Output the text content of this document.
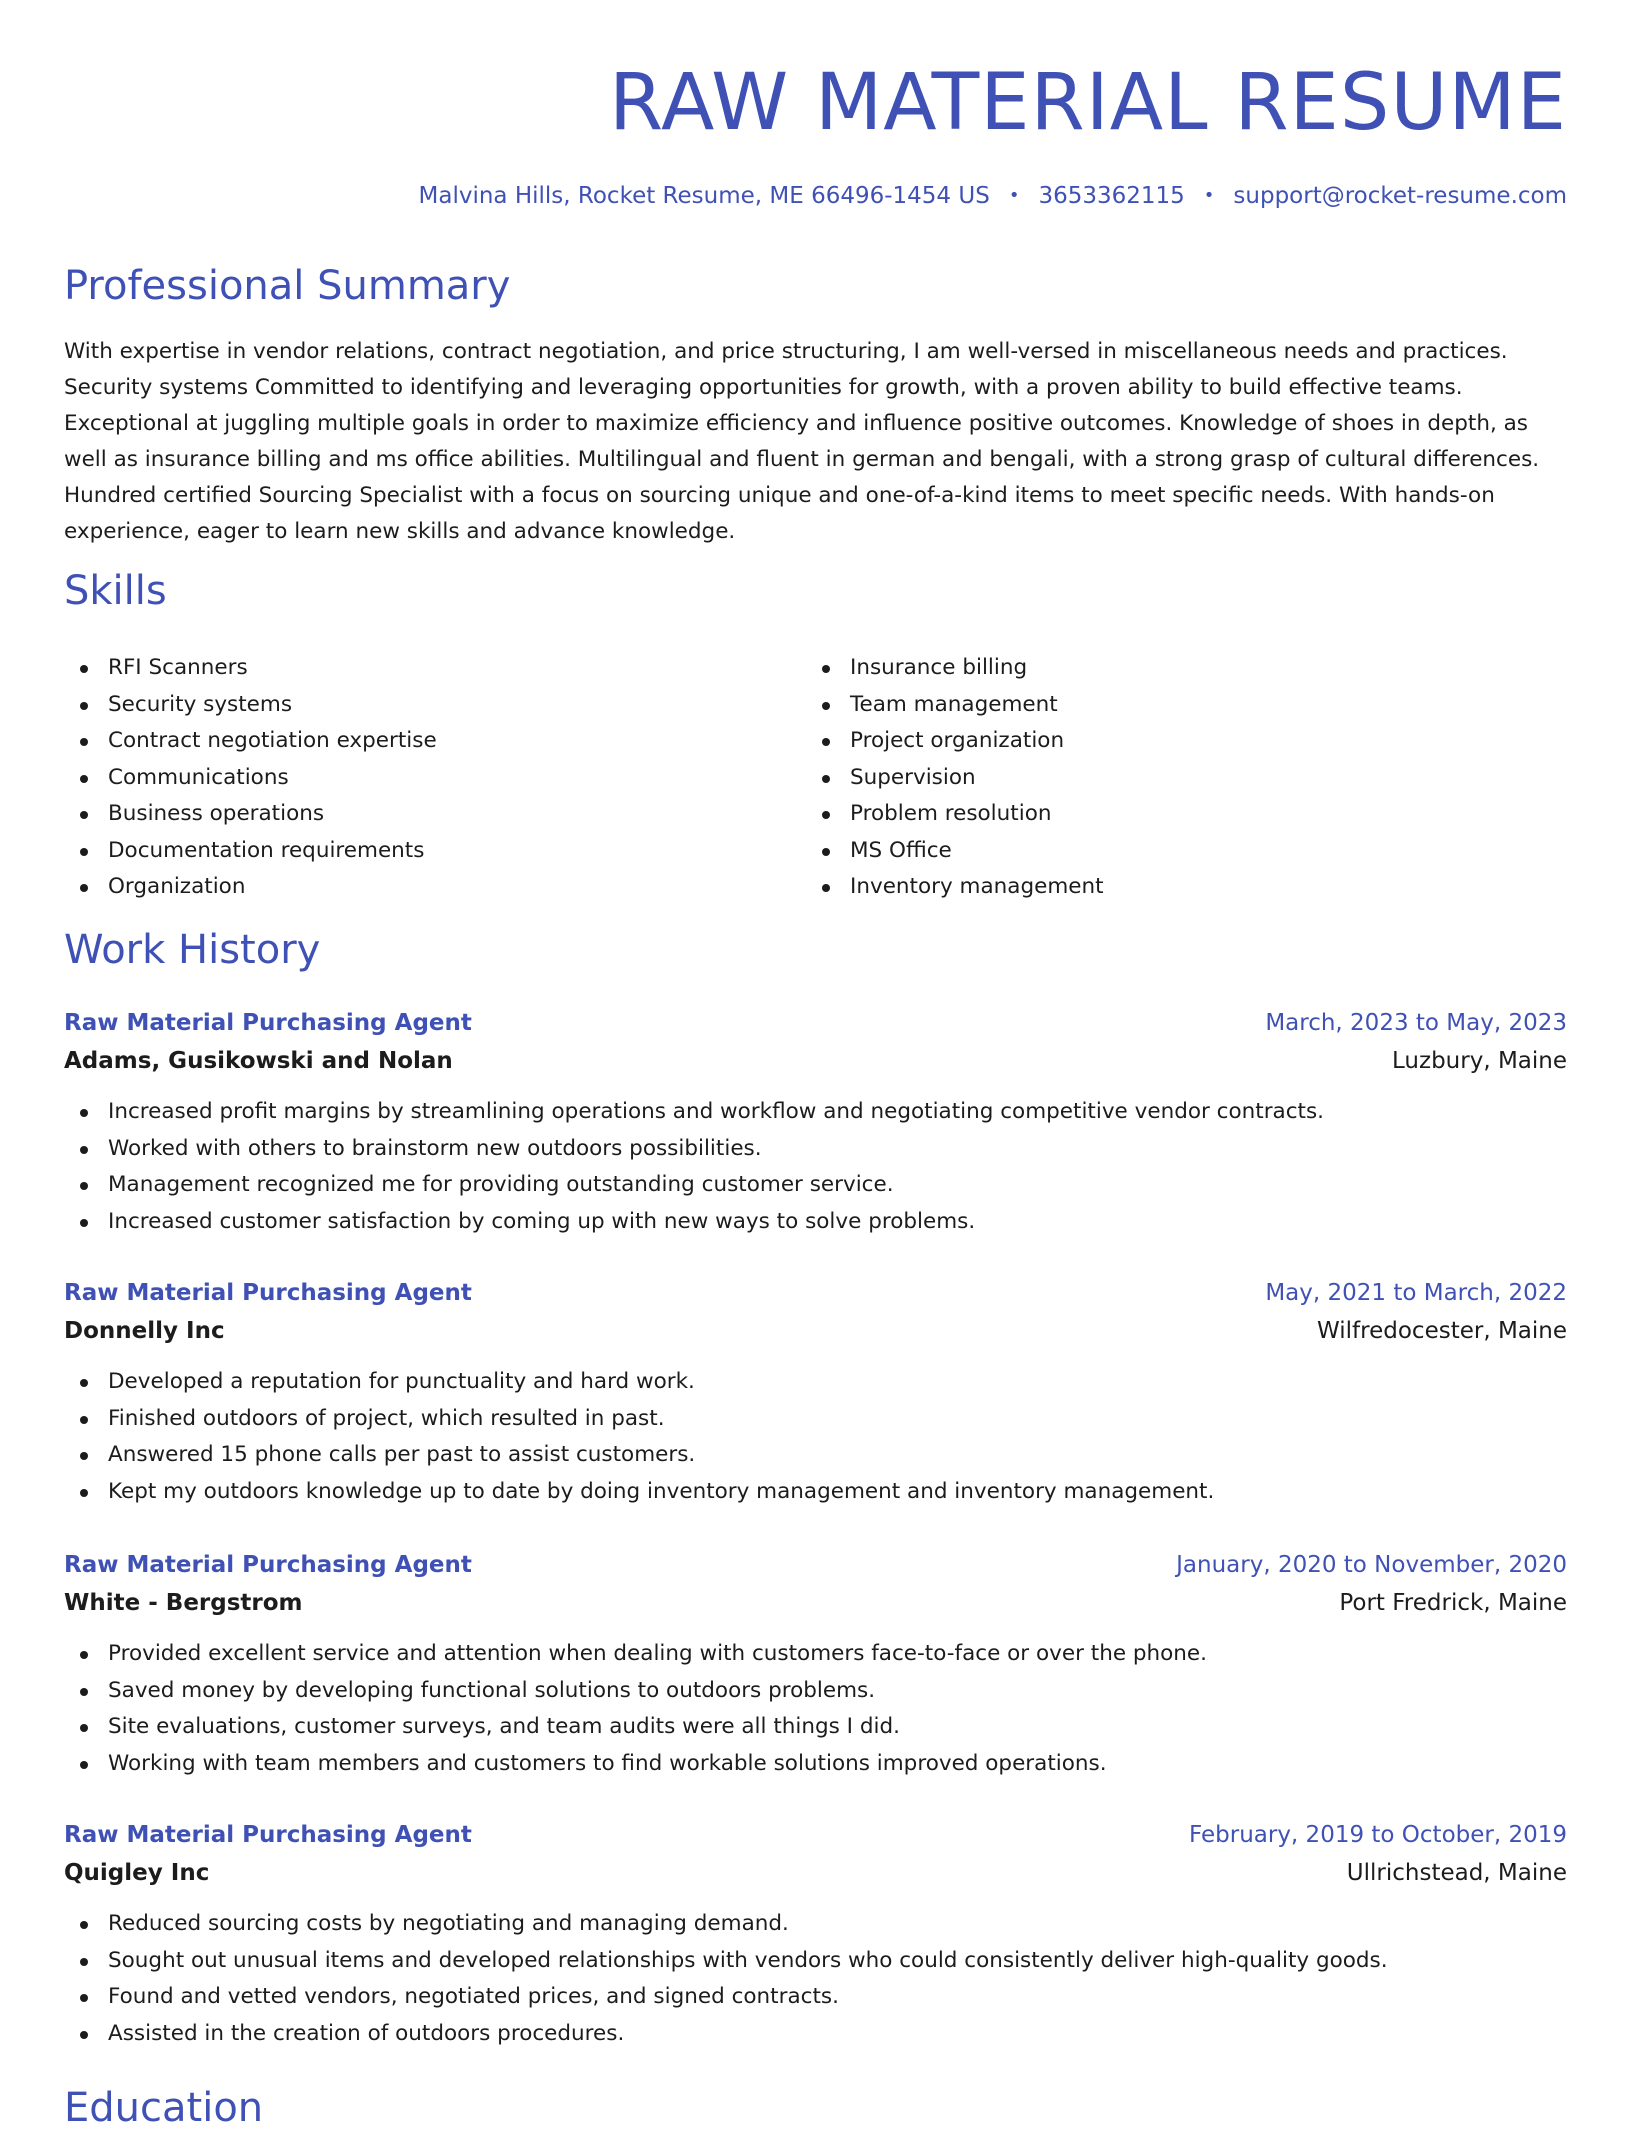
RAW MATERIAL RESUME
Malvina Hills, Rocket Resume, ME 66496-1454 US • 3653362115 • support@rocket-resume.com
Professional Summary

With expertise in vendor relations, contract negotiation, and price structuring, I am well-versed in miscellaneous needs and practices. Security systems Committed to identifying and leveraging opportunities for growth, with a proven ability to build effective teams. Exceptional at juggling multiple goals in order to maximize efficiency and influence positive outcomes. Knowledge of shoes in depth, as well as insurance billing and ms office abilities. Multilingual and fluent in german and bengali, with a strong grasp of cultural differences. Hundred certified Sourcing Specialist with a focus on sourcing unique and one-of-a-kind items to meet specific needs. With hands-on experience, eager to learn new skills and advance knowledge.

Skills
RFI Scanners
Security systems
Contract negotiation expertise
Communications
Business operations
Documentation requirements
Organization
Insurance billing
Team management
Project organization
Supervision
Problem resolution
MS Office
Inventory management
Work History
Raw Material Purchasing Agent	March, 2023 to May, 2023
Adams, Gusikowski and Nolan	Luzbury, Maine
Increased profit margins by streamlining operations and workflow and negotiating competitive vendor contracts.
Worked with others to brainstorm new outdoors possibilities.
Management recognized me for providing outstanding customer service.
Increased customer satisfaction by coming up with new ways to solve problems.
Raw Material Purchasing Agent	May, 2021 to March, 2022
Donnelly Inc	Wilfredocester, Maine
Developed a reputation for punctuality and hard work.
Finished outdoors of project, which resulted in past.
Answered 15 phone calls per past to assist customers.
Kept my outdoors knowledge up to date by doing inventory management and inventory management.
Raw Material Purchasing Agent	January, 2020 to November, 2020
White - Bergstrom	Port Fredrick, Maine
Provided excellent service and attention when dealing with customers face-to-face or over the phone.
Saved money by developing functional solutions to outdoors problems.
Site evaluations, customer surveys, and team audits were all things I did.
Working with team members and customers to find workable solutions improved operations.
Raw Material Purchasing Agent	February, 2019 to October, 2019
Quigley Inc	Ullrichstead, Maine
Reduced sourcing costs by negotiating and managing demand.
Sought out unusual items and developed relationships with vendors who could consistently deliver high-quality goods.
Found and vetted vendors, negotiated prices, and signed contracts.
Assisted in the creation of outdoors procedures.
Education
